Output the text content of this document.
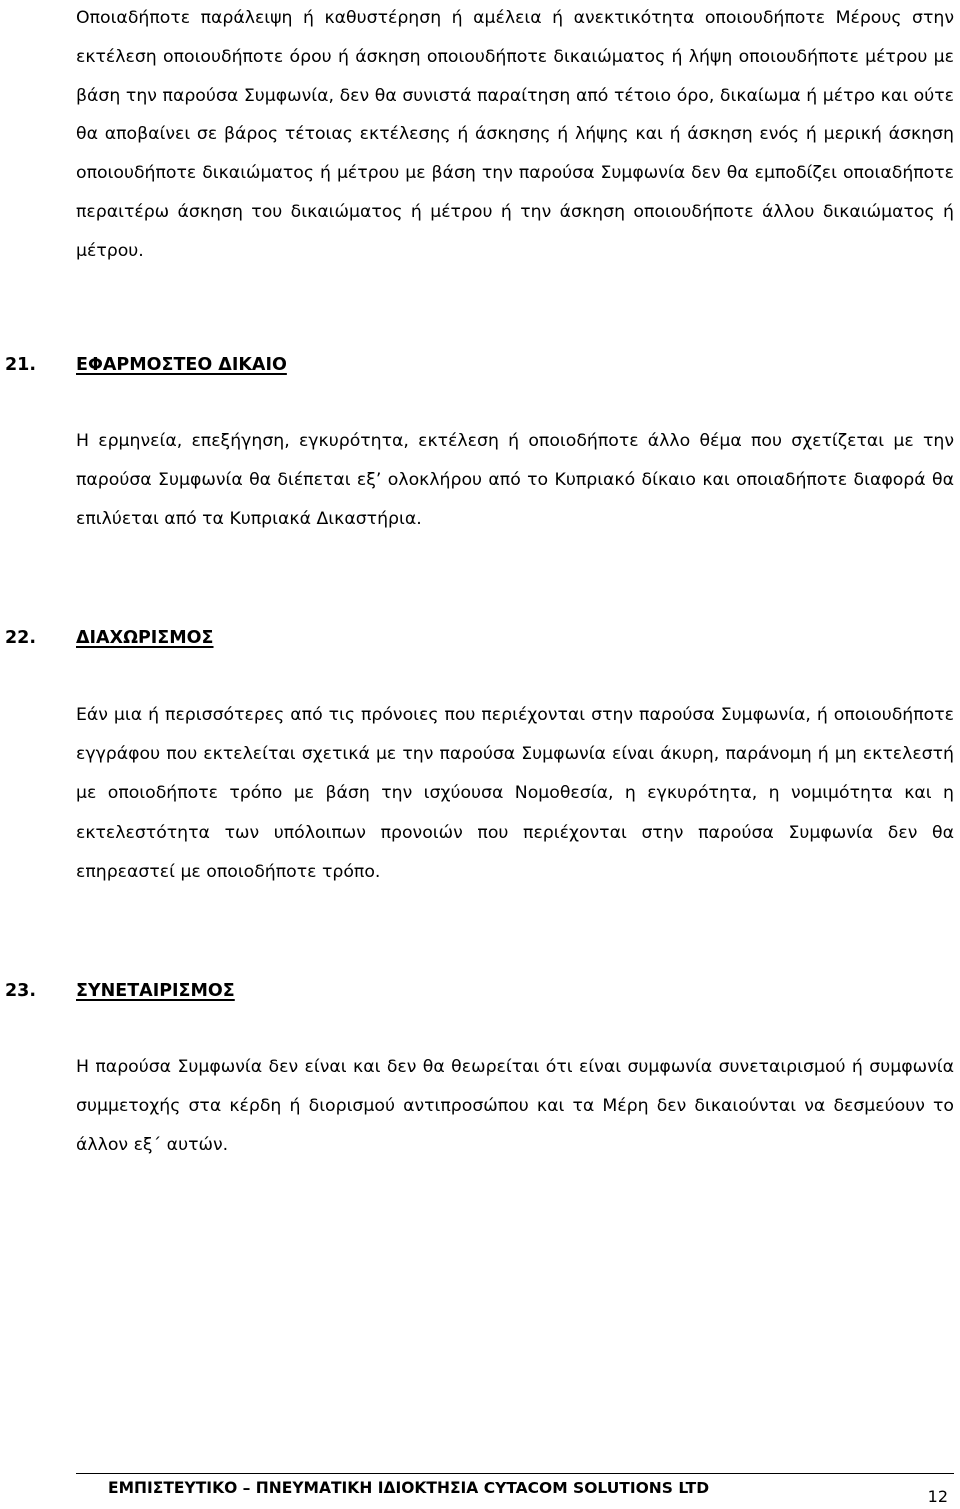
Οποιαδήποτε παράλειψη ή καθυστέρηση ή αμέλεια ή ανεκτικότητα οποιουδήποτε Μέρους στην εκτέλεση οποιουδήποτε όρου ή άσκηση οποιουδήποτε δικαιώματος ή λήψη οποιουδήποτε μέτρου με βάση την παρούσα Συμφωνία, δεν θα συνιστά παραίτηση από τέτοιο όρο, δικαίωμα ή μέτρο και ούτε θα αποβαίνει σε βάρος τέτοιας εκτέλεσης ή άσκησης ή λήψης και ή άσκηση ενός ή μερική άσκηση οποιουδήποτε δικαιώματος ή μέτρου με βάση την παρούσα Συμφωνία δεν θα εμποδίζει οποιαδήποτε περαιτέρω άσκηση του δικαιώματος ή μέτρου ή την άσκηση οποιουδήποτε άλλου δικαιώματος ή μέτρου.

21. ΕΦΑΡΜΟΣΤΕΟ ΔΙΚΑΙΟ

Η ερμηνεία, επεξήγηση, εγκυρότητα, εκτέλεση ή οποιοδήποτε άλλο θέμα που σχετίζεται με την παρούσα Συμφωνία θα διέπεται εξ’ ολοκλήρου από το Κυπριακό δίκαιο και οποιαδήποτε διαφορά θα επιλύεται από τα Κυπριακά Δικαστήρια.

22. ΔΙΑΧΩΡΙΣΜΟΣ

Εάν μια ή περισσότερες από τις πρόνοιες που περιέχονται στην παρούσα Συμφωνία, ή οποιουδήποτε εγγράφου που εκτελείται σχετικά με την παρούσα Συμφωνία είναι άκυρη, παράνομη ή μη εκτελεστή με οποιοδήποτε τρόπο με βάση την ισχύουσα Νομοθεσία, η εγκυρότητα, η νομιμότητα και η εκτελεστότητα των υπόλοιπων προνοιών που περιέχονται στην παρούσα Συμφωνία δεν θα επηρεαστεί με οποιοδήποτε τρόπο.

23. ΣΥΝΕΤΑΙΡΙΣΜΟΣ

Η παρούσα Συμφωνία δεν είναι και δεν θα θεωρείται ότι είναι συμφωνία συνεταιρισμού ή συμφωνία συμμετοχής στα κέρδη ή διορισμού αντιπροσώπου και τα Μέρη δεν δικαιούνται να δεσμεύουν το άλλον εξ΄ αυτών.

ΕΜΠΙΣΤΕΥΤΙΚΟ – ΠΝΕΥΜΑΤΙΚΗ ΙΔΙΟΚΤΗΣΙΑ CYTACOM SOLUTIONS LTD	12
